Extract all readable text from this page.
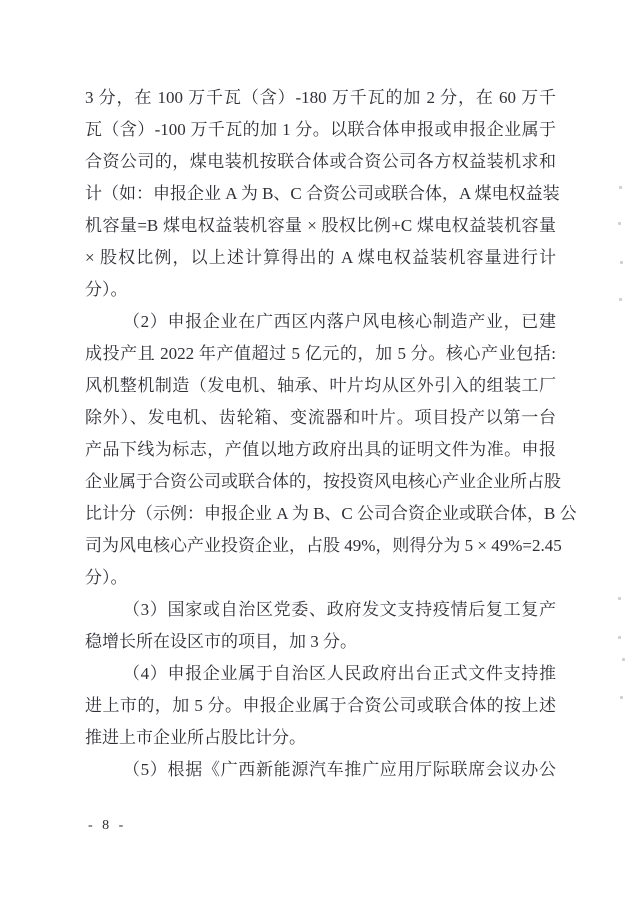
3 分，在 100 万千瓦（含）-180 万千瓦的加 2 分，在 60 万千
瓦（含）-100 万千瓦的加 1 分。以联合体申报或申报企业属于
合资公司的，煤电装机按联合体或合资公司各方权益装机求和
计（如：申报企业 A 为 B、C 合资公司或联合体，A 煤电权益装
机容量=B 煤电权益装机容量 × 股权比例+C 煤电权益装机容量
× 股权比例，以上述计算得出的 A 煤电权益装机容量进行计
分）。
（2）申报企业在广西区内落户风电核心制造产业，已建
成投产且 2022 年产值超过 5 亿元的，加 5 分。核心产业包括:
风机整机制造（发电机、轴承、叶片均从区外引入的组装工厂
除外）、发电机、齿轮箱、变流器和叶片。项目投产以第一台
产品下线为标志，产值以地方政府出具的证明文件为准。申报
企业属于合资公司或联合体的，按投资风电核心产业企业所占股
比计分（示例：申报企业 A 为 B、C 公司合资企业或联合体，B 公
司为风电核心产业投资企业，占股 49%，则得分为 5 × 49%=2.45
分）。
（3）国家或自治区党委、政府发文支持疫情后复工复产
稳增长所在设区市的项目，加 3 分。
（4）申报企业属于自治区人民政府出台正式文件支持推
进上市的，加 5 分。申报企业属于合资公司或联合体的按上述
推进上市企业所占股比计分。
（5）根据《广西新能源汽车推广应用厅际联席会议办公
- 8 -
